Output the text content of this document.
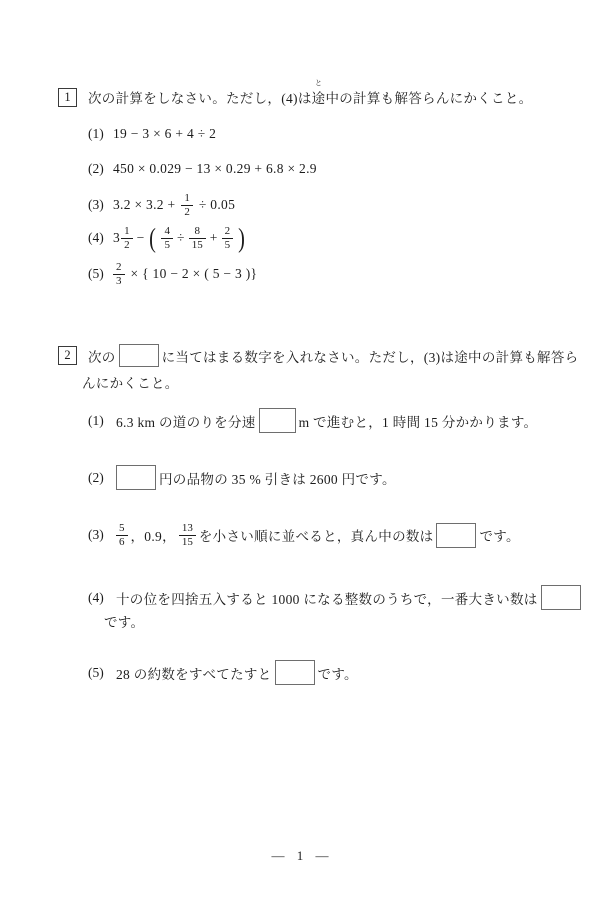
1 次の計算をしなさい。ただし，(4)は
と
途 中の計算も解答らんにかくこと。
(1) 19 − 3 × 6 + 4 ÷ 2
(2) 450 × 0.029 − 13 × 0.29 + 6.8 × 2.9
(3) $3.2 \times 3.2 + \frac{1}{2} \div 0.05$
(4) $3 \frac{1}{2}$ − ( $\frac{4}{5} \div \frac{8}{15} + \frac{2}{5}$ )
$(5) \frac{2}{3}$ × { 10 − 2 × ( 5 − 3 )}
2 次の	に当てはまる数字を入れなさい。ただし，(3)は途中の計算も解答ら
んにかくこと。
(1) 6.3 km の道のりを分速	m で進むと，1 時間 15 分かかります。
(2)	円の品物の 35 % 引きは 2600 円です。
(3)	$\frac{5}{6}$ ，0.9， $\frac{13}{15}$ を小さい順に並べると，真ん中の数は	です。
(4) 十の位を四捨五入すると 1000 になる整数のうちで，一番大きい数は
です。
(5) 28 の約数をすべてたすと	です。
— 1 —
